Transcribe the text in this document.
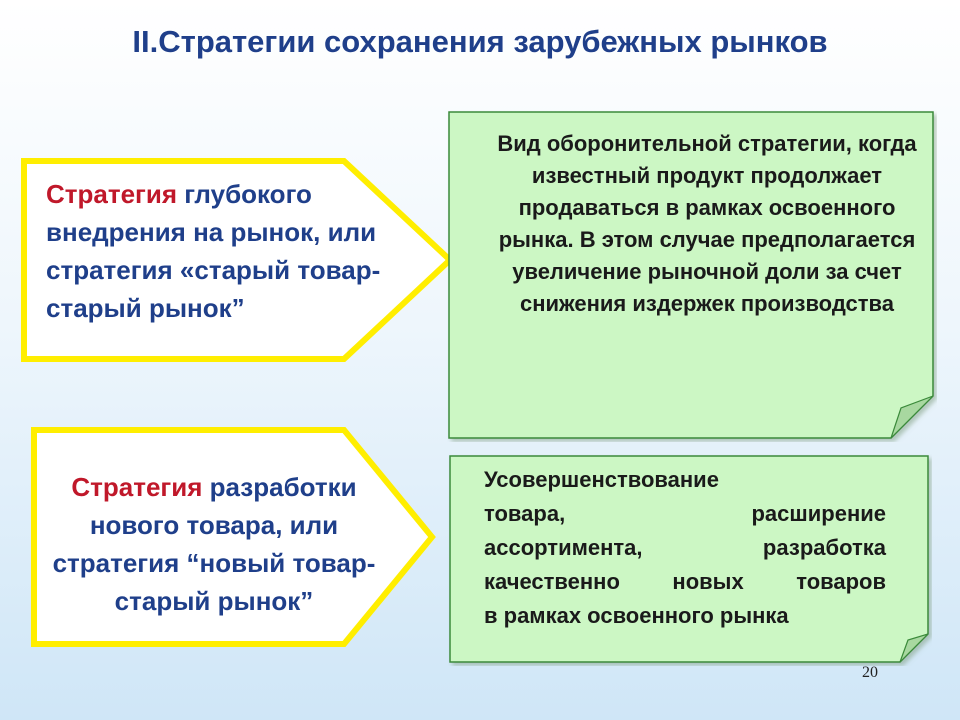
II.Стратегии сохранения зарубежных рынков
Стратегия глубокого внедрения на рынок, или стратегия «старый товар-старый рынок”
Стратегия разработки нового товара, или стратегия “новый товар-старый рынок”
Вид оборонительной стратегии, когда известный продукт продолжает продаваться в рамках освоенного рынка. В этом случае предполагается увеличение рыночной доли за счет снижения издержек производства
Усовершенствование
товара, расширение
ассортимента, разработка
качественно новых товаров
в рамках освоенного рынка
20
